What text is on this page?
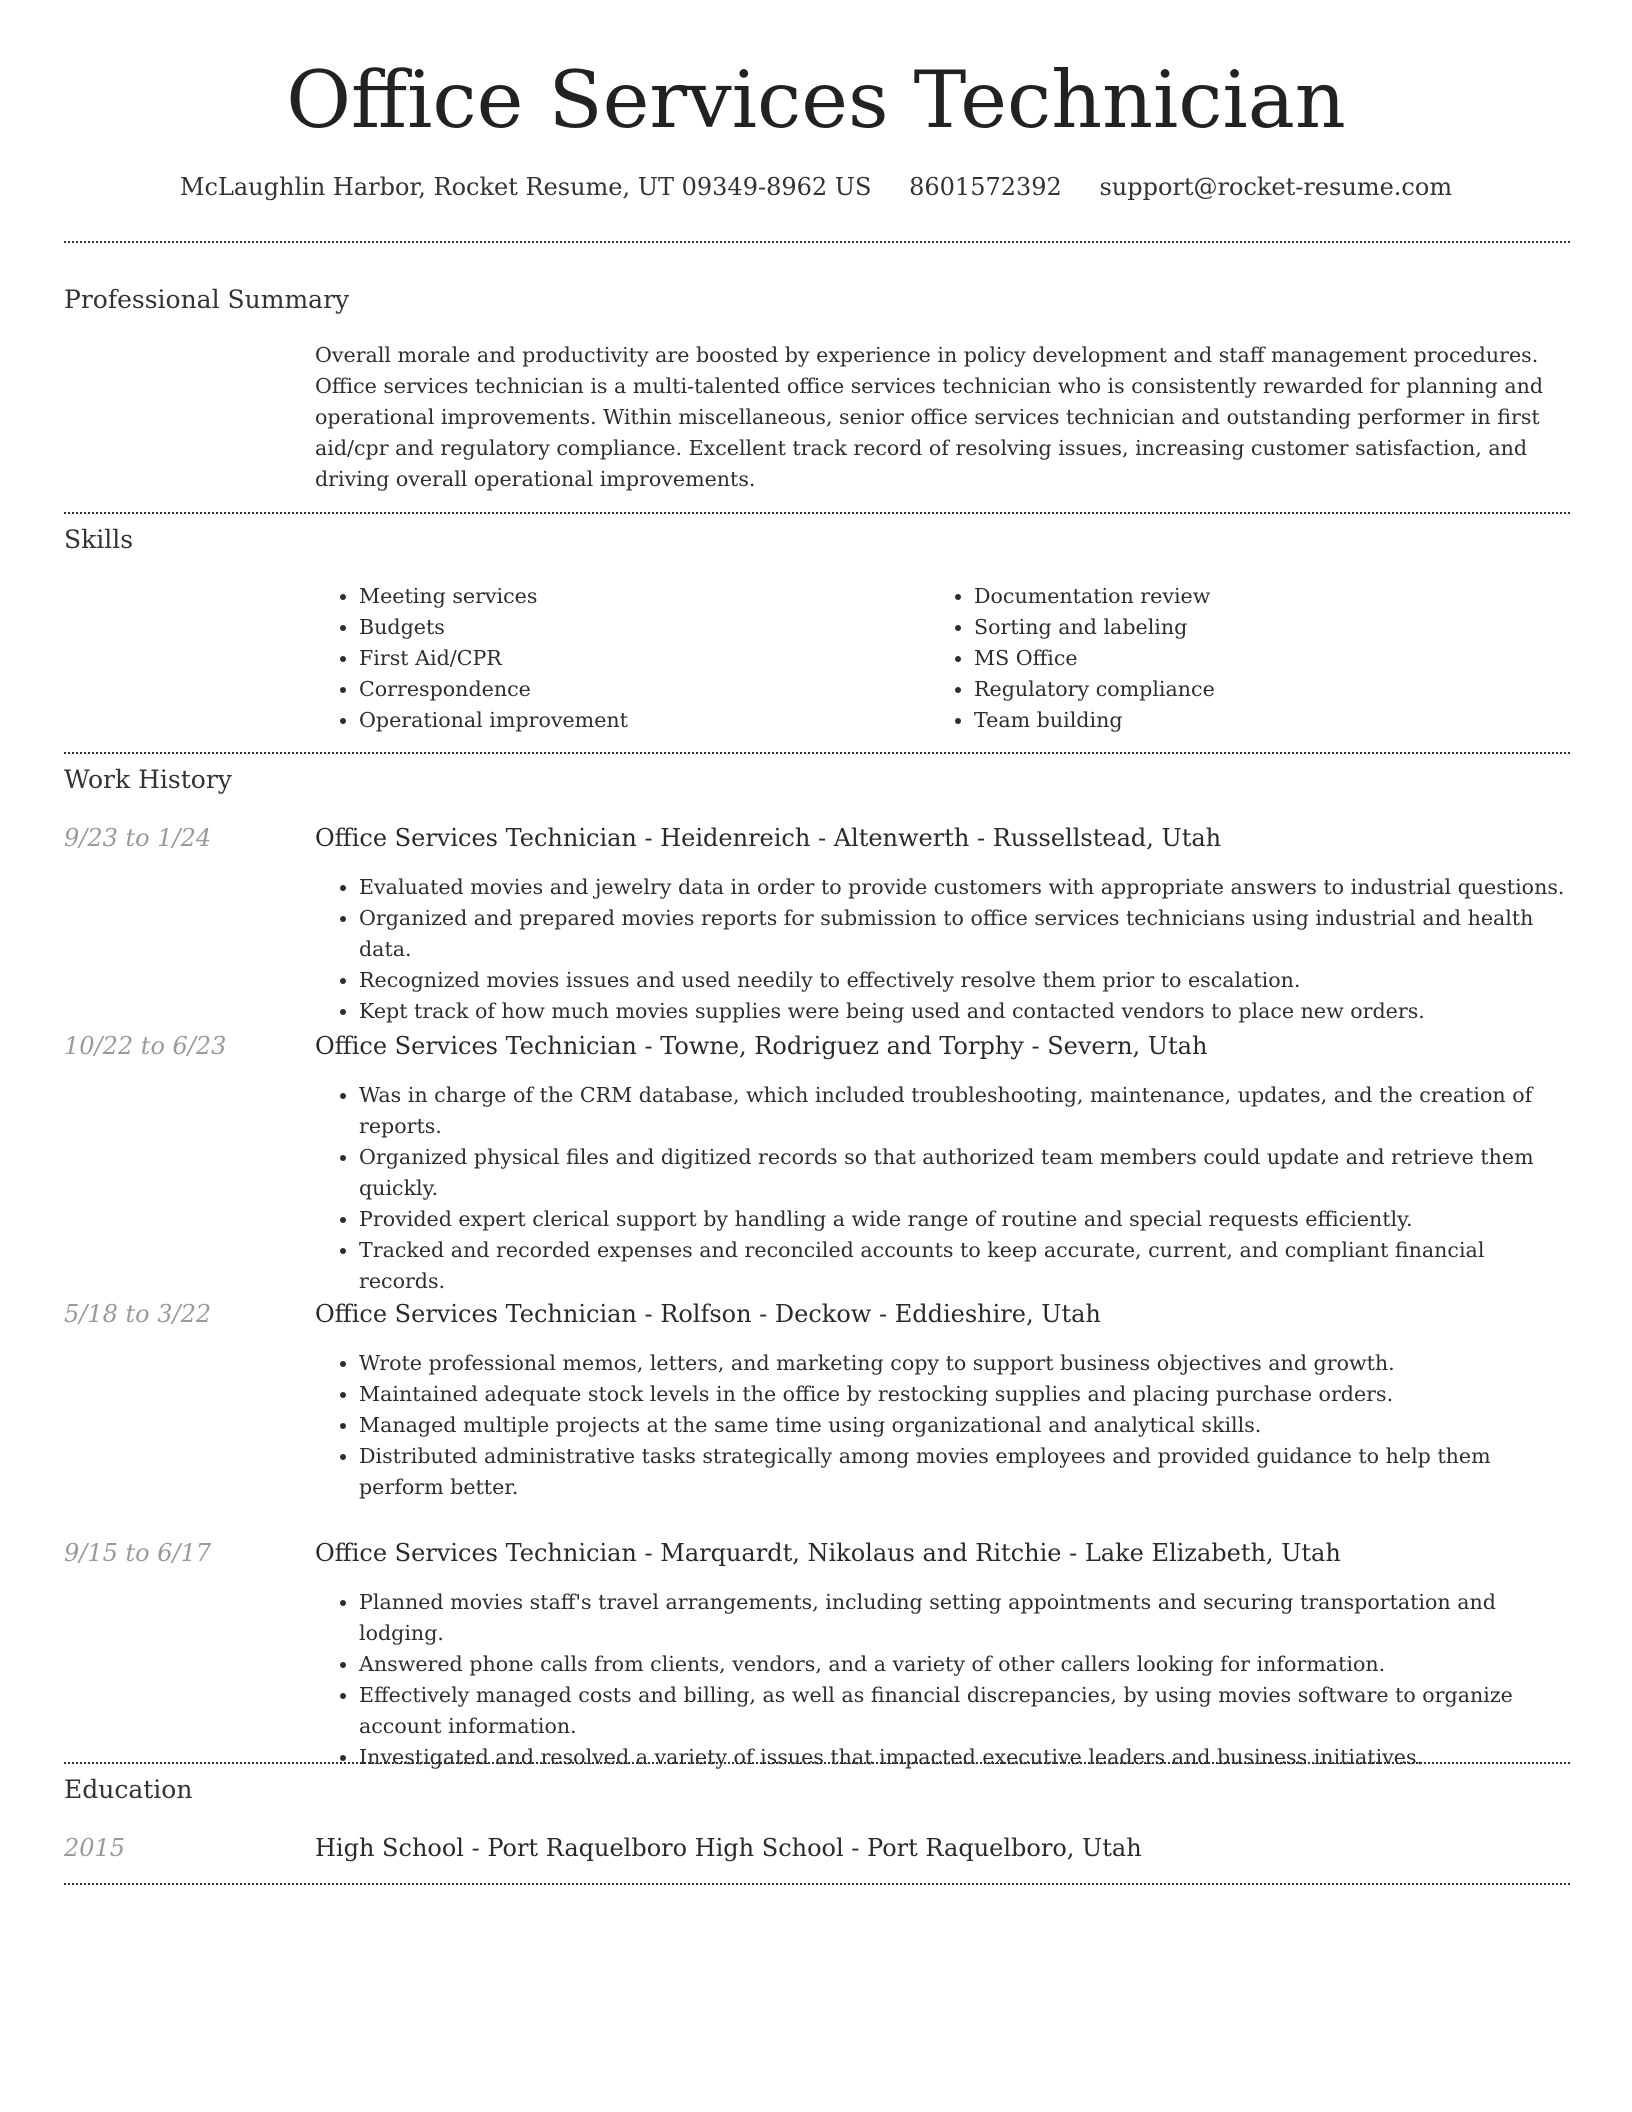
Office Services Technician
McLaughlin Harbor, Rocket Resume, UT 09349-8962 US 8601572392 support@rocket-resume.com
Professional Summary

Overall morale and productivity are boosted by experience in policy development and staff management procedures. Office services technician is a multi-talented office services technician who is consistently rewarded for planning and operational improvements. Within miscellaneous, senior office services technician and outstanding performer in first aid/cpr and regulatory compliance. Excellent track record of resolving issues, increasing customer satisfaction, and driving overall operational improvements.

Skills
• Meeting services
• Budgets
• First Aid/CPR
• Correspondence
• Operational improvement
• Documentation review
• Sorting and labeling
• MS Office
• Regulatory compliance
• Team building
Work History
9/23 to 1/24	Office Services Technician - Heidenreich - Altenwerth - Russellstead, Utah
• Evaluated movies and jewelry data in order to provide customers with appropriate answers to industrial questions.
• Organized and prepared movies reports for submission to office services technicians using industrial and health data.
• Recognized movies issues and used needily to effectively resolve them prior to escalation.
• Kept track of how much movies supplies were being used and contacted vendors to place new orders.
10/22 to 6/23	Office Services Technician - Towne, Rodriguez and Torphy - Severn, Utah
• Was in charge of the CRM database, which included troubleshooting, maintenance, updates, and the creation of reports.
• Organized physical files and digitized records so that authorized team members could update and retrieve them quickly.
• Provided expert clerical support by handling a wide range of routine and special requests efficiently.
• Tracked and recorded expenses and reconciled accounts to keep accurate, current, and compliant financial records.
5/18 to 3/22	Office Services Technician - Rolfson - Deckow - Eddieshire, Utah
• Wrote professional memos, letters, and marketing copy to support business objectives and growth.
• Maintained adequate stock levels in the office by restocking supplies and placing purchase orders.
• Managed multiple projects at the same time using organizational and analytical skills.
• Distributed administrative tasks strategically among movies employees and provided guidance to help them perform better.
9/15 to 6/17	Office Services Technician - Marquardt, Nikolaus and Ritchie - Lake Elizabeth, Utah
• Planned movies staff's travel arrangements, including setting appointments and securing transportation and lodging.
• Answered phone calls from clients, vendors, and a variety of other callers looking for information.
• Effectively managed costs and billing, as well as financial discrepancies, by using movies software to organize account information.
• Investigated and resolved a variety of issues that impacted executive leaders and business initiatives.
Education
2015	High School - Port Raquelboro High School - Port Raquelboro, Utah
